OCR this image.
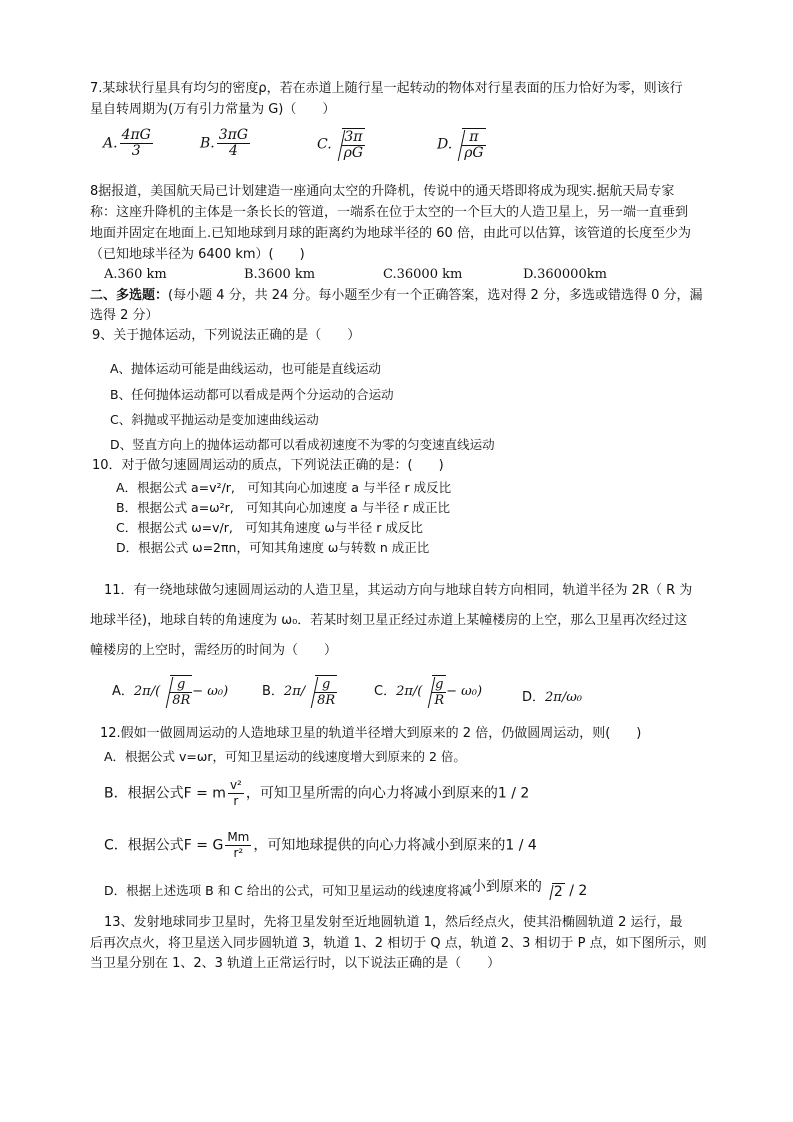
7.某球状行星具有均匀的密度ρ，若在赤道上随行星一起转动的物体对行星表面的压力恰好为零，则该行
星自转周期为(万有引力常量为 G)（　　）
A. $\frac{4\pi G}{3}$	B. $\frac{3\pi G}{4}$	C. $\frac{3\pi}{\rho G}$	D. $\frac{\pi}{\rho G}$
8据报道，美国航天局已计划建造一座通向太空的升降机，传说中的通天塔即将成为现实.据航天局专家
称：这座升降机的主体是一条长长的管道，一端系在位于太空的一个巨大的人造卫星上，另一端一直垂到
地面并固定在地面上.已知地球到月球的距离约为地球半径的 60 倍，由此可以估算，该管道的长度至少为
（已知地球半径为 6400 km）(　　)
A.360 km	B.3600 km	C.36000 km	D.360000km
二、多选题：(每小题 4 分，共 24 分。每小题至少有一个正确答案，选对得 2 分，多选或错选得 0 分，漏
选得 2 分）
9、关于抛体运动，下列说法正确的是（　　）
A、抛体运动可能是曲线运动，也可能是直线运动
B、任何抛体运动都可以看成是两个分运动的合运动
C、斜抛或平抛运动是变加速曲线运动
D、竖直方向上的抛体运动都可以看成初速度不为零的匀变速直线运动
10．对于做匀速圆周运动的质点，下列说法正确的是：(　　)
A．根据公式 a=v²/r,　可知其向心加速度 a 与半径 r 成反比
B．根据公式 a=ω²r,　可知其向心加速度 a 与半径 r 成正比
C．根据公式 ω=v/r,　可知其角速度 ω与半径 r 成反比
D．根据公式 ω=2πn，可知其角速度 ω与转数 n 成正比
11．有一绕地球做匀速圆周运动的人造卫星，其运动方向与地球自转方向相同，轨道半径为 2R（ R 为
地球半径)，地球自转的角速度为 ω₀．若某时刻卫星正经过赤道上某幢楼房的上空，那么卫星再次经过这
幢楼房的上空时，需经历的时间为（　　）
A．$2\pi/( \frac{g}{8R} - \omega_0)$	B．$2\pi/ \frac{g}{8R}$	C．$2\pi/( \frac{g}{R} - \omega_0)$	D．2π/ω₀
12.假如一做圆周运动的人造地球卫星的轨道半径增大到原来的 2 倍，仍做圆周运动，则(　　)
A．根据公式 v=ωr，可知卫星运动的线速度增大到原来的 2 倍。
B．根据公式F = m $\frac{\text{v²}}{r}$ ，可知卫星所需的向心力将减小到原来的1 / 2
C．根据公式F = G $\frac{Mm}{\text{r²}}$ ，可知地球提供的向心力将减小到原来的1 / 4
D．根据上述选项 B 和 C 给出的公式，可知卫星运动的线速度将减小到原来的 2 / 2
13、发射地球同步卫星时，先将卫星发射至近地圆轨道 1，然后经点火，使其沿椭圆轨道 2 运行，最
后再次点火，将卫星送入同步圆轨道 3，轨道 1、2 相切于 Q 点，轨道 2、3 相切于 P 点，如下图所示，则
当卫星分别在 1、2、3 轨道上正常运行时，以下说法正确的是（　　）
